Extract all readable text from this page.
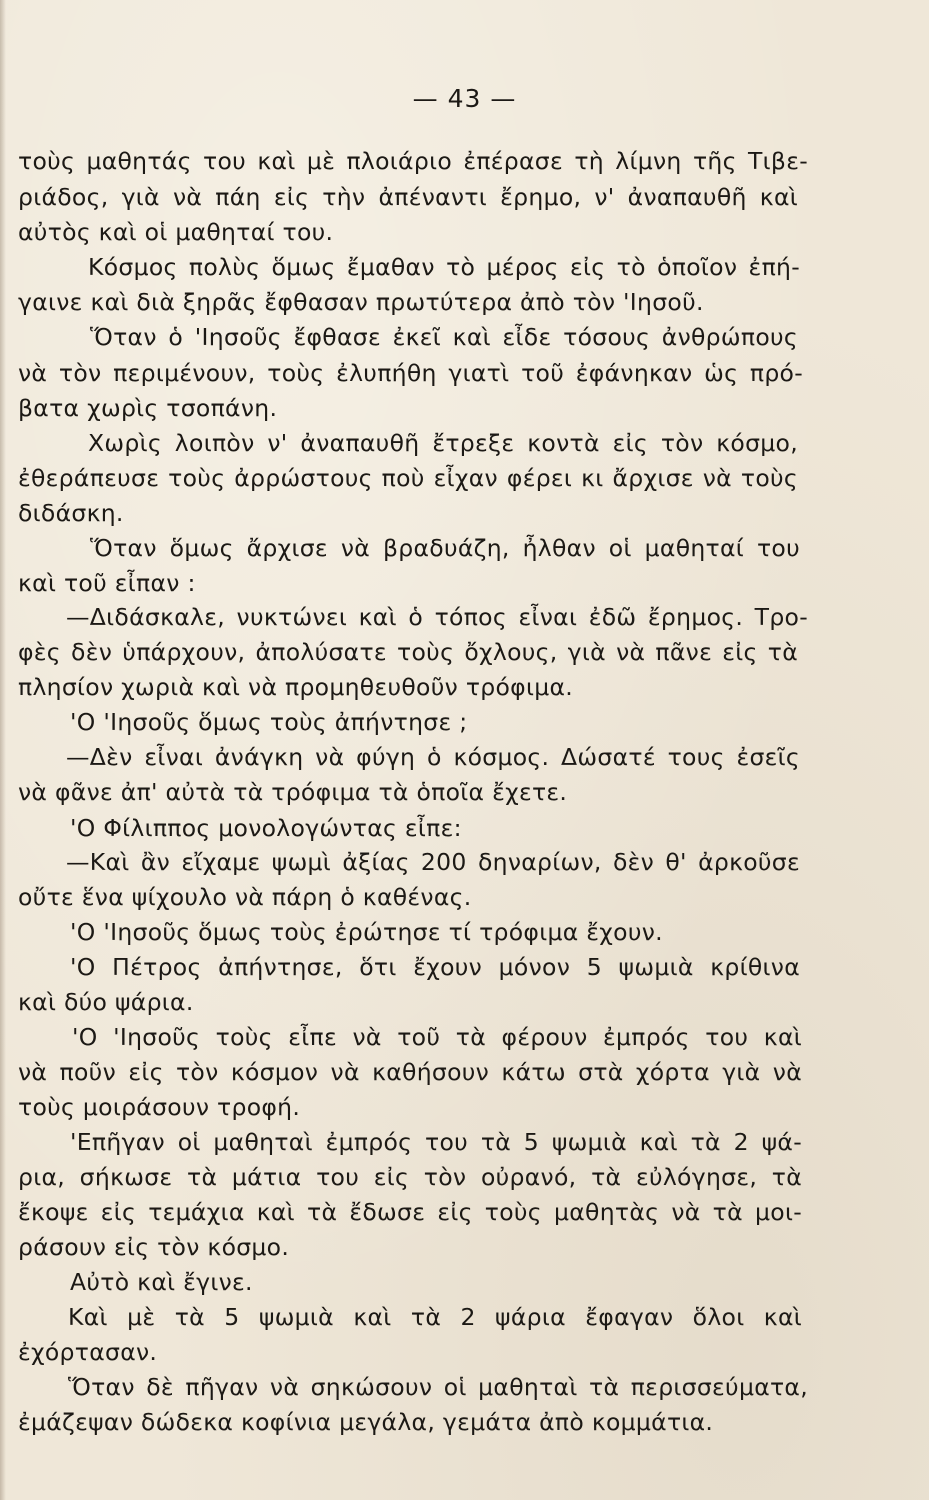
— 43 —
τοὺς μαθητάς του καὶ μὲ πλοιάριο ἐπέρασε τὴ λίμνη τῆς Τιβε-
ριάδος, γιὰ νὰ πάη εἰς τὴν ἀπέναντι ἔρημο, ν' ἀναπαυθῆ καὶ
αὐτὸς καὶ οἱ μαθηταί του.
Κόσμος πολὺς ὅμως ἔμαθαν τὸ μέρος εἰς τὸ ὁποῖον ἐπή-
γαινε καὶ διὰ ξηρᾶς ἔφθασαν πρωτύτερα ἀπὸ τὸν 'Ιησοῦ.
Ὅταν ὁ 'Ιησοῦς ἔφθασε ἐκεῖ καὶ εἶδε τόσους ἀνθρώπους
νὰ τὸν περιμένουν, τοὺς ἐλυπήθη γιατὶ τοῦ ἐφάνηκαν ὡς πρό-
βατα χωρὶς τσοπάνη.
Χωρὶς λοιπὸν ν' ἀναπαυθῆ ἔτρεξε κοντὰ εἰς τὸν κόσμο,
ἐθεράπευσε τοὺς ἀρρώστους ποὺ εἶχαν φέρει κι ἄρχισε νὰ τοὺς
διδάσκη.
Ὅταν ὅμως ἄρχισε νὰ βραδυάζη, ἦλθαν οἱ μαθηταί του
καὶ τοῦ εἶπαν :
—Διδάσκαλε, νυκτώνει καὶ ὁ τόπος εἶναι ἐδῶ ἔρημος. Τρο-
φὲς δὲν ὑπάρχουν, ἀπολύσατε τοὺς ὄχλους, γιὰ νὰ πᾶνε εἰς τὰ
πλησίον χωριὰ καὶ νὰ προμηθευθοῦν τρόφιμα.
'Ο 'Ιησοῦς ὅμως τοὺς ἀπήντησε ;
—Δὲν εἶναι ἀνάγκη νὰ φύγη ὁ κόσμος. Δώσατέ τους ἐσεῖς
νὰ φᾶνε ἀπ' αὐτὰ τὰ τρόφιμα τὰ ὁποῖα ἔχετε.
'Ο Φίλιππος μονολογώντας εἶπε:
—Καὶ ἂν εἴχαμε ψωμὶ ἀξίας 200 δηναρίων, δὲν θ' ἀρκοῦσε
οὔτε ἕνα ψίχουλο νὰ πάρη ὁ καθένας.
'Ο 'Ιησοῦς ὅμως τοὺς ἐρώτησε τί τρόφιμα ἔχουν.
'Ο Πέτρος ἀπήντησε, ὅτι ἔχουν μόνον 5 ψωμιὰ κρίθινα
καὶ δύο ψάρια.
'Ο 'Ιησοῦς τοὺς εἶπε νὰ τοῦ τὰ φέρουν ἐμπρός του καὶ
νὰ ποῦν εἰς τὸν κόσμον νὰ καθήσουν κάτω στὰ χόρτα γιὰ νὰ
τοὺς μοιράσουν τροφή.
'Επῆγαν οἱ μαθηταὶ ἐμπρός του τὰ 5 ψωμιὰ καὶ τὰ 2 ψά-
ρια, σήκωσε τὰ μάτια του εἰς τὸν οὐρανό, τὰ εὐλόγησε, τὰ
ἔκοψε εἰς τεμάχια καὶ τὰ ἔδωσε εἰς τοὺς μαθητὰς νὰ τὰ μοι-
ράσουν εἰς τὸν κόσμο.
Αὐτὸ καὶ ἔγινε.
Καὶ μὲ τὰ 5 ψωμιὰ καὶ τὰ 2 ψάρια ἔφαγαν ὅλοι καὶ
ἐχόρτασαν.
Ὅταν δὲ πῆγαν νὰ σηκώσουν οἱ μαθηταὶ τὰ περισσεύματα,
ἐμάζεψαν δώδεκα κοφίνια μεγάλα, γεμάτα ἀπὸ κομμάτια.
